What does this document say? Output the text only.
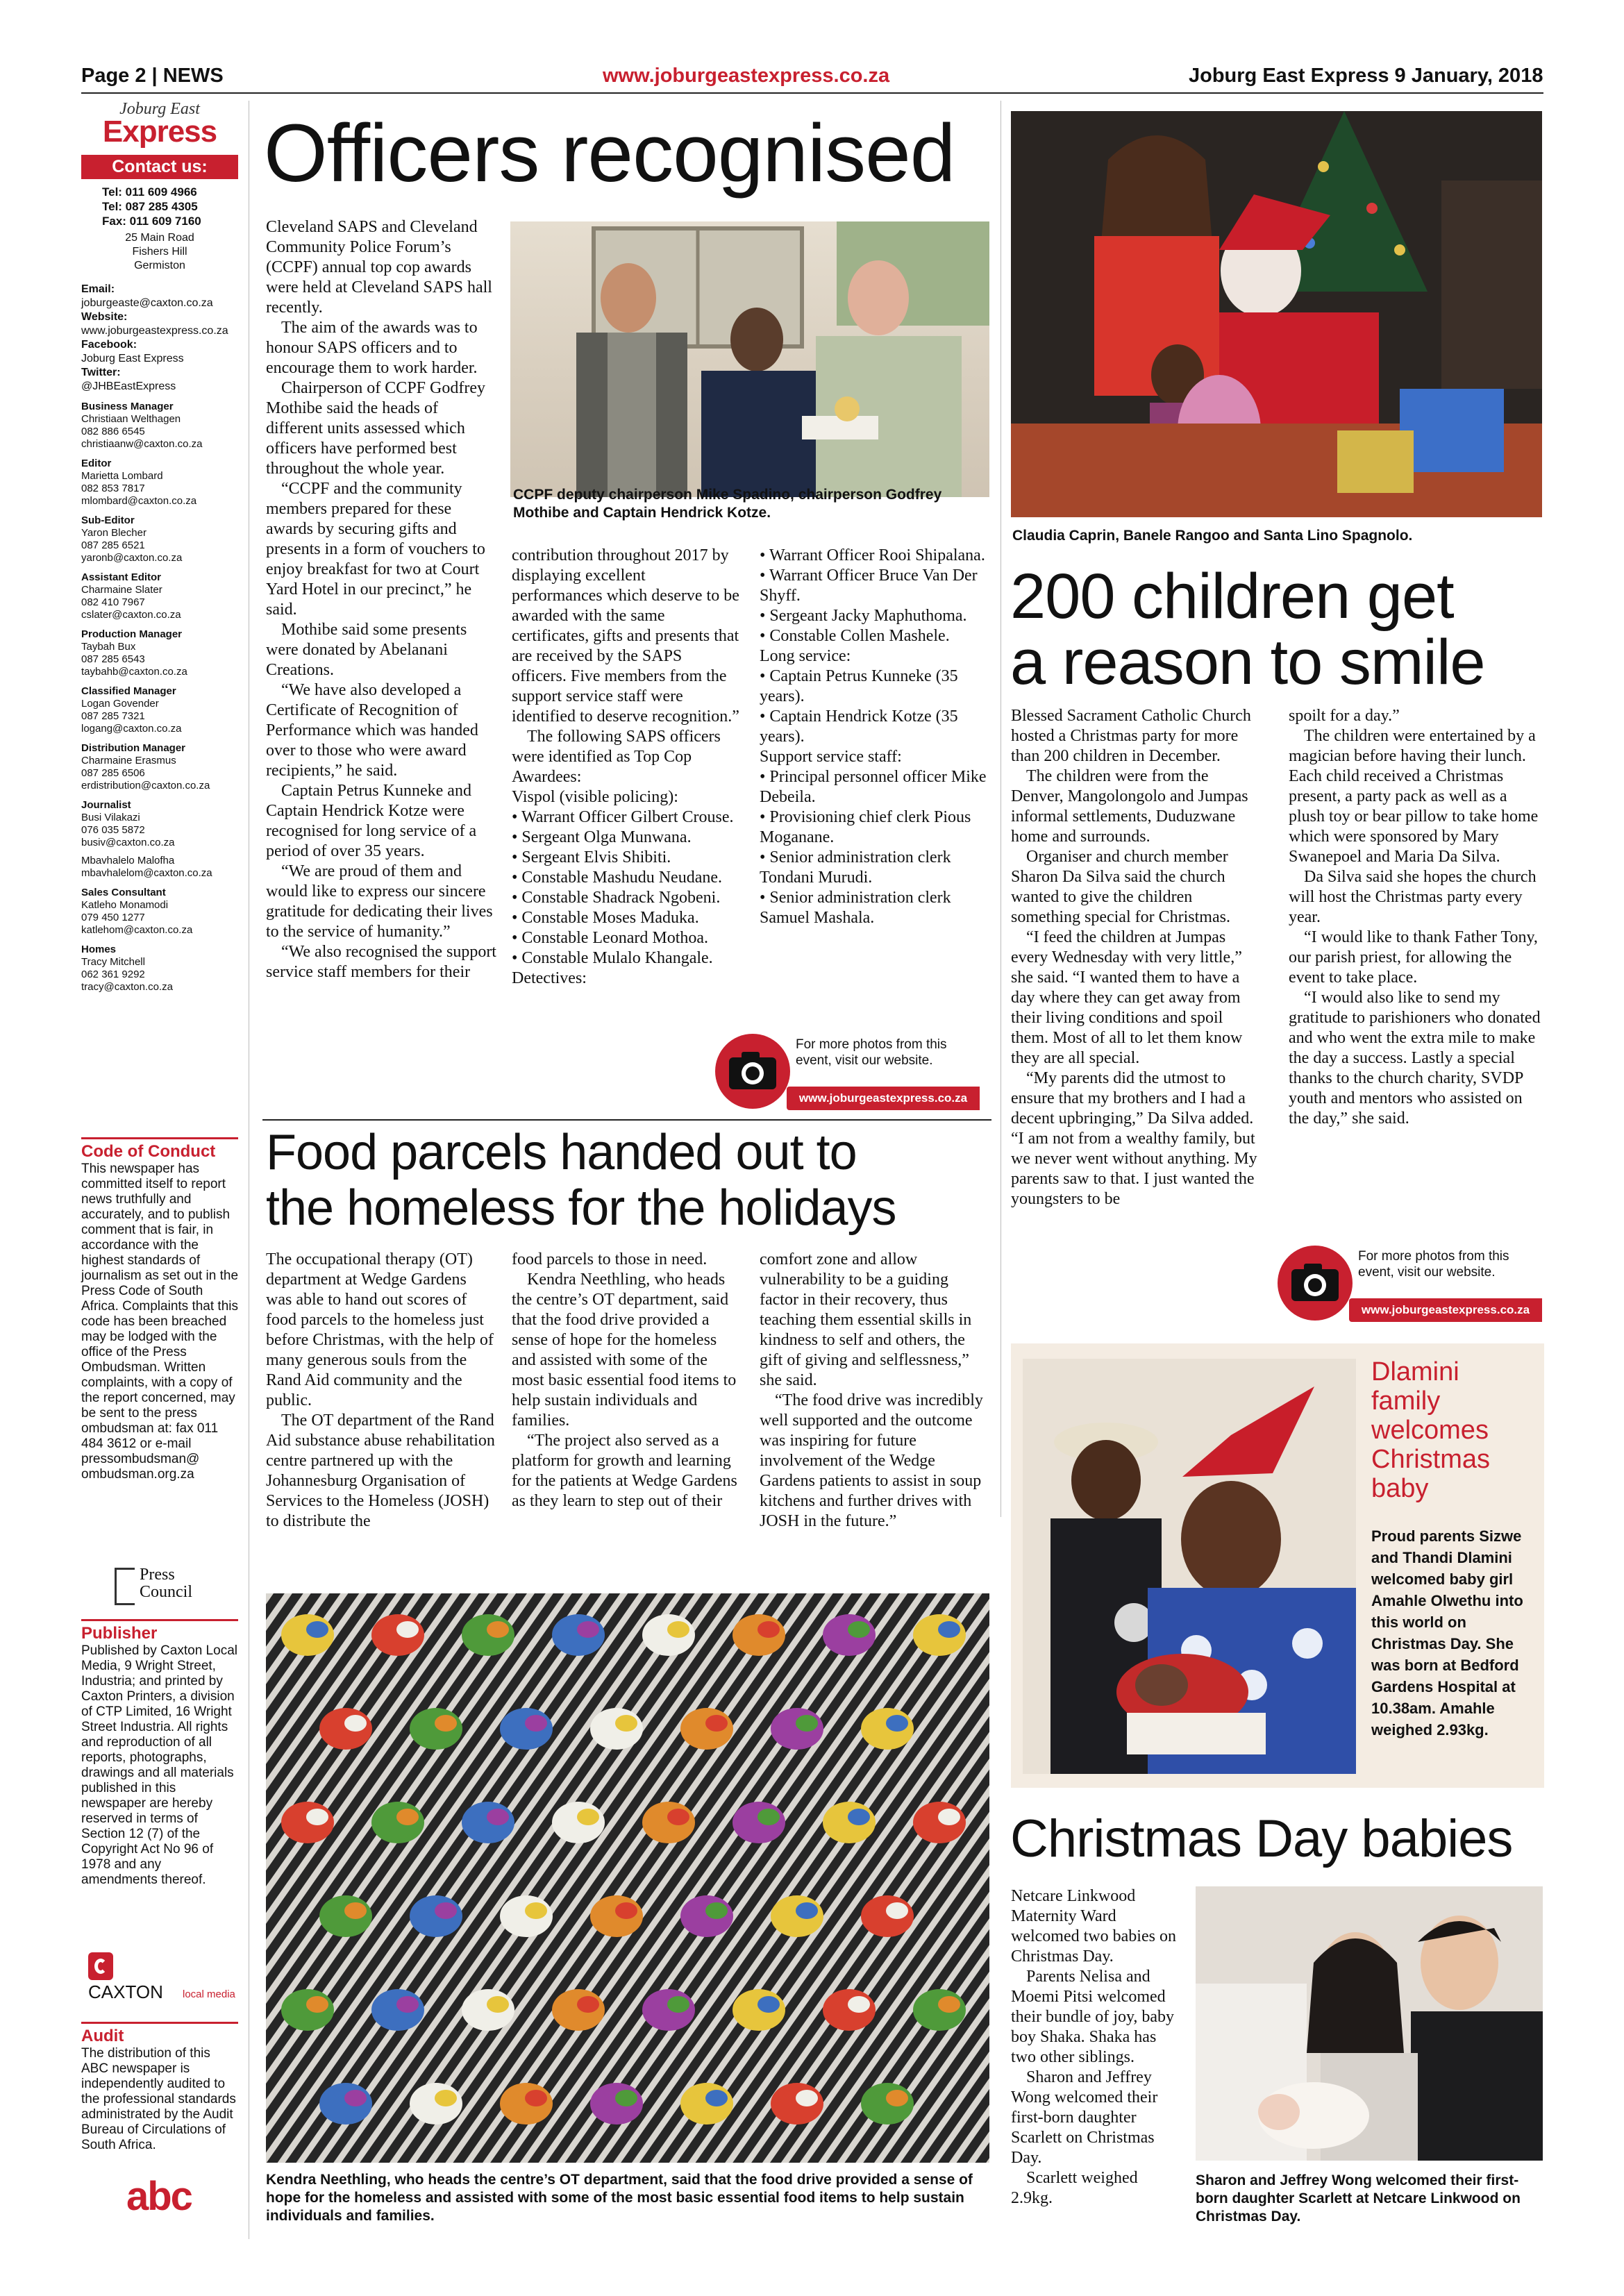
Page 2 | NEWS	www.joburgeastexpress.co.za	Joburg East Express 9 January, 2018
Joburg East
Express
Contact us:
Tel: 011 609 4966
Tel: 087 285 4305
Fax: 011 609 7160
25 Main Road
Fishers Hill
Germiston
Email:
joburgeaste@caxton.co.za
Website:
www.joburgeastexpress.co.za
Facebook:
Joburg East Express
Twitter:
@JHBEastExpress
Business Manager
Christiaan Welthagen
082 886 6545
christiaanw@caxton.co.za
Editor
Marietta Lombard
082 853 7817
mlombard@caxton.co.za
Sub-Editor
Yaron Blecher
087 285 6521
yaronb@caxton.co.za
Assistant Editor
Charmaine Slater
082 410 7967
cslater@caxton.co.za
Production Manager
Taybah Bux
087 285 6543
taybahb@caxton.co.za
Classified Manager
Logan Govender
087 285 7321
logang@caxton.co.za
Distribution Manager
Charmaine Erasmus
087 285 6506
erdistribution@caxton.co.za
Journalist
Busi Vilakazi
076 035 5872
busiv@caxton.co.za
Mbavhalelo Malofha
mbavhalelom@caxton.co.za
Sales Consultant
Katleho Monamodi
079 450 1277
katlehom@caxton.co.za
Homes
Tracy Mitchell
062 361 9292
tracy@caxton.co.za
Code of Conduct
This newspaper has committed itself to report news truthfully and accurately, and to publish comment that is fair, in accordance with the highest standards of journalism as set out in the Press Code of South Africa. Complaints that this code has been breached may be lodged with the office of the Press Ombudsman. Written complaints, with a copy of the report concerned, may be sent to the press ombudsman at: fax 011 484 3612 or e-mail pressombudsman@ ombudsman.org.za
Press
Council
Publisher
Published by Caxton Local Media, 9 Wright Street, Industria; and printed by Caxton Printers, a division of CTP Limited, 16 Wright Street Industria. All rights and reproduction of all reports, photographs, drawings and all materials published in this newspaper are hereby reserved in terms of Section 12 (7) of the Copyright Act No 96 of 1978 and any amendments thereof.
CAXTON local media
Audit
The distribution of this ABC newspaper is independently audited to the professional standards administrated by the Audit Bureau of Circulations of South Africa.
abc
Officers recognised

Cleveland SAPS and Cleveland Community Police Forum’s (CCPF) annual top cop awards were held at Cleveland SAPS hall recently.

The aim of the awards was to honour SAPS officers and to encourage them to work harder.

Chairperson of CCPF Godfrey Mothibe said the heads of different units assessed which officers have performed best throughout the whole year.

“CCPF and the community members prepared for these awards by securing gifts and presents in a form of vouchers to enjoy breakfast for two at Court Yard Hotel in our precinct,” he said.

Mothibe said some presents were donated by Abelanani Creations.

“We have also developed a Certificate of Recognition of Performance which was handed over to those who were award recipients,” he said.

Captain Petrus Kunneke and Captain Hendrick Kotze were recognised for long service of a period of over 35 years.

“We are proud of them and would like to express our sincere gratitude for dedicating their lives to the service of humanity.”

“We also recognised the support service staff members for their

CCPF deputy chairperson Mike Spadino, chairperson Godfrey Mothibe and Captain Hendrick Kotze.

contribution throughout 2017 by displaying excellent performances which deserve to be awarded with the same certificates, gifts and presents that are received by the SAPS officers. Five members from the support service staff were identified to deserve recognition.”

The following SAPS officers were identified as Top Cop Awardees:

Vispol (visible policing):

• Warrant Officer Gilbert Crouse.

• Sergeant Olga Munwana.

• Sergeant Elvis Shibiti.

• Constable Mashudu Neudane.

• Constable Shadrack Ngobeni.

• Constable Moses Maduka.

• Constable Leonard Mothoa.

• Constable Mulalo Khangale.

Detectives:

• Warrant Officer Rooi Shipalana.

• Warrant Officer Bruce Van Der Shyff.

• Sergeant Jacky Maphuthoma.

• Constable Collen Mashele.

Long service:

• Captain Petrus Kunneke (35 years).

• Captain Hendrick Kotze (35 years).

Support service staff:

• Principal personnel officer Mike Debeila.

• Provisioning chief clerk Pious Moganane.

• Senior administration clerk Tondani Murudi.

• Senior administration clerk Samuel Mashala.

For more photos from this event, visit our website.
www.joburgeastexpress.co.za
Food parcels handed out to
the homeless for the holidays

The occupational therapy (OT) department at Wedge Gardens was able to hand out scores of food parcels to the homeless just before Christmas, with the help of many generous souls from the Rand Aid community and the public.

The OT department of the Rand Aid substance abuse rehabilitation centre partnered up with the Johannesburg Organisation of Services to the Homeless (JOSH) to distribute the

food parcels to those in need.

Kendra Neethling, who heads the centre’s OT department, said that the food drive provided a sense of hope for the homeless and assisted with some of the most basic essential food items to help sustain individuals and families.

“The project also served as a platform for growth and learning for the patients at Wedge Gardens as they learn to step out of their

comfort zone and allow vulnerability to be a guiding factor in their recovery, thus teaching them essential skills in kindness to self and others, the gift of giving and selflessness,” she said.

“The food drive was incredibly well supported and the outcome was inspiring for future involvement of the Wedge Gardens patients to assist in soup kitchens and further drives with JOSH in the future.”

Kendra Neethling, who heads the centre’s OT department, said that the food drive provided a sense of hope for the homeless and assisted with some of the most basic essential food items to help sustain individuals and families.
Claudia Caprin, Banele Rangoo and Santa Lino Spagnolo.
200 children get
a reason to smile

Blessed Sacrament Catholic Church hosted a Christmas party for more than 200 children in December.

The children were from the Denver, Mangolongolo and Jumpas informal settlements, Duduzwane home and surrounds.

Organiser and church member Sharon Da Silva said the church wanted to give the children something special for Christmas.

“I feed the children at Jumpas every Wednesday with very little,” she said. “I wanted them to have a day where they can get away from their living conditions and spoil them. Most of all to let them know they are all special.

“My parents did the utmost to ensure that my brothers and I had a decent upbringing,” Da Silva added. “I am not from a wealthy family, but we never went without anything. My parents saw to that. I just wanted the youngsters to be

spoilt for a day.”

The children were entertained by a magician before having their lunch. Each child received a Christmas present, a party pack as well as a plush toy or bear pillow to take home which were sponsored by Mary Swanepoel and Maria Da Silva.

Da Silva said she hopes the church will host the Christmas party every year.

“I would like to thank Father Tony, our parish priest, for allowing the event to take place.

“I would also like to send my gratitude to parishioners who donated and who went the extra mile to make the day a success. Lastly a special thanks to the church charity, SVDP youth and mentors who assisted on the day,” she said.

For more photos from this event, visit our website.
www.joburgeastexpress.co.za
Dlamini
family
welcomes
Christmas
baby
Proud parents Sizwe and Thandi Dlamini welcomed baby girl Amahle Olwethu into this world on Christmas Day. She was born at Bedford Gardens Hospital at 10.38am. Amahle weighed 2.93kg.
Christmas Day babies

Netcare Linkwood Maternity Ward welcomed two babies on Christmas Day.

Parents Nelisa and Moemi Pitsi welcomed their bundle of joy, baby boy Shaka. Shaka has two other siblings.

Sharon and Jeffrey Wong welcomed their first-born daughter Scarlett on Christmas Day.

Scarlett weighed 2.9kg.

Sharon and Jeffrey Wong welcomed their first-born daughter Scarlett at Netcare Linkwood on Christmas Day.
